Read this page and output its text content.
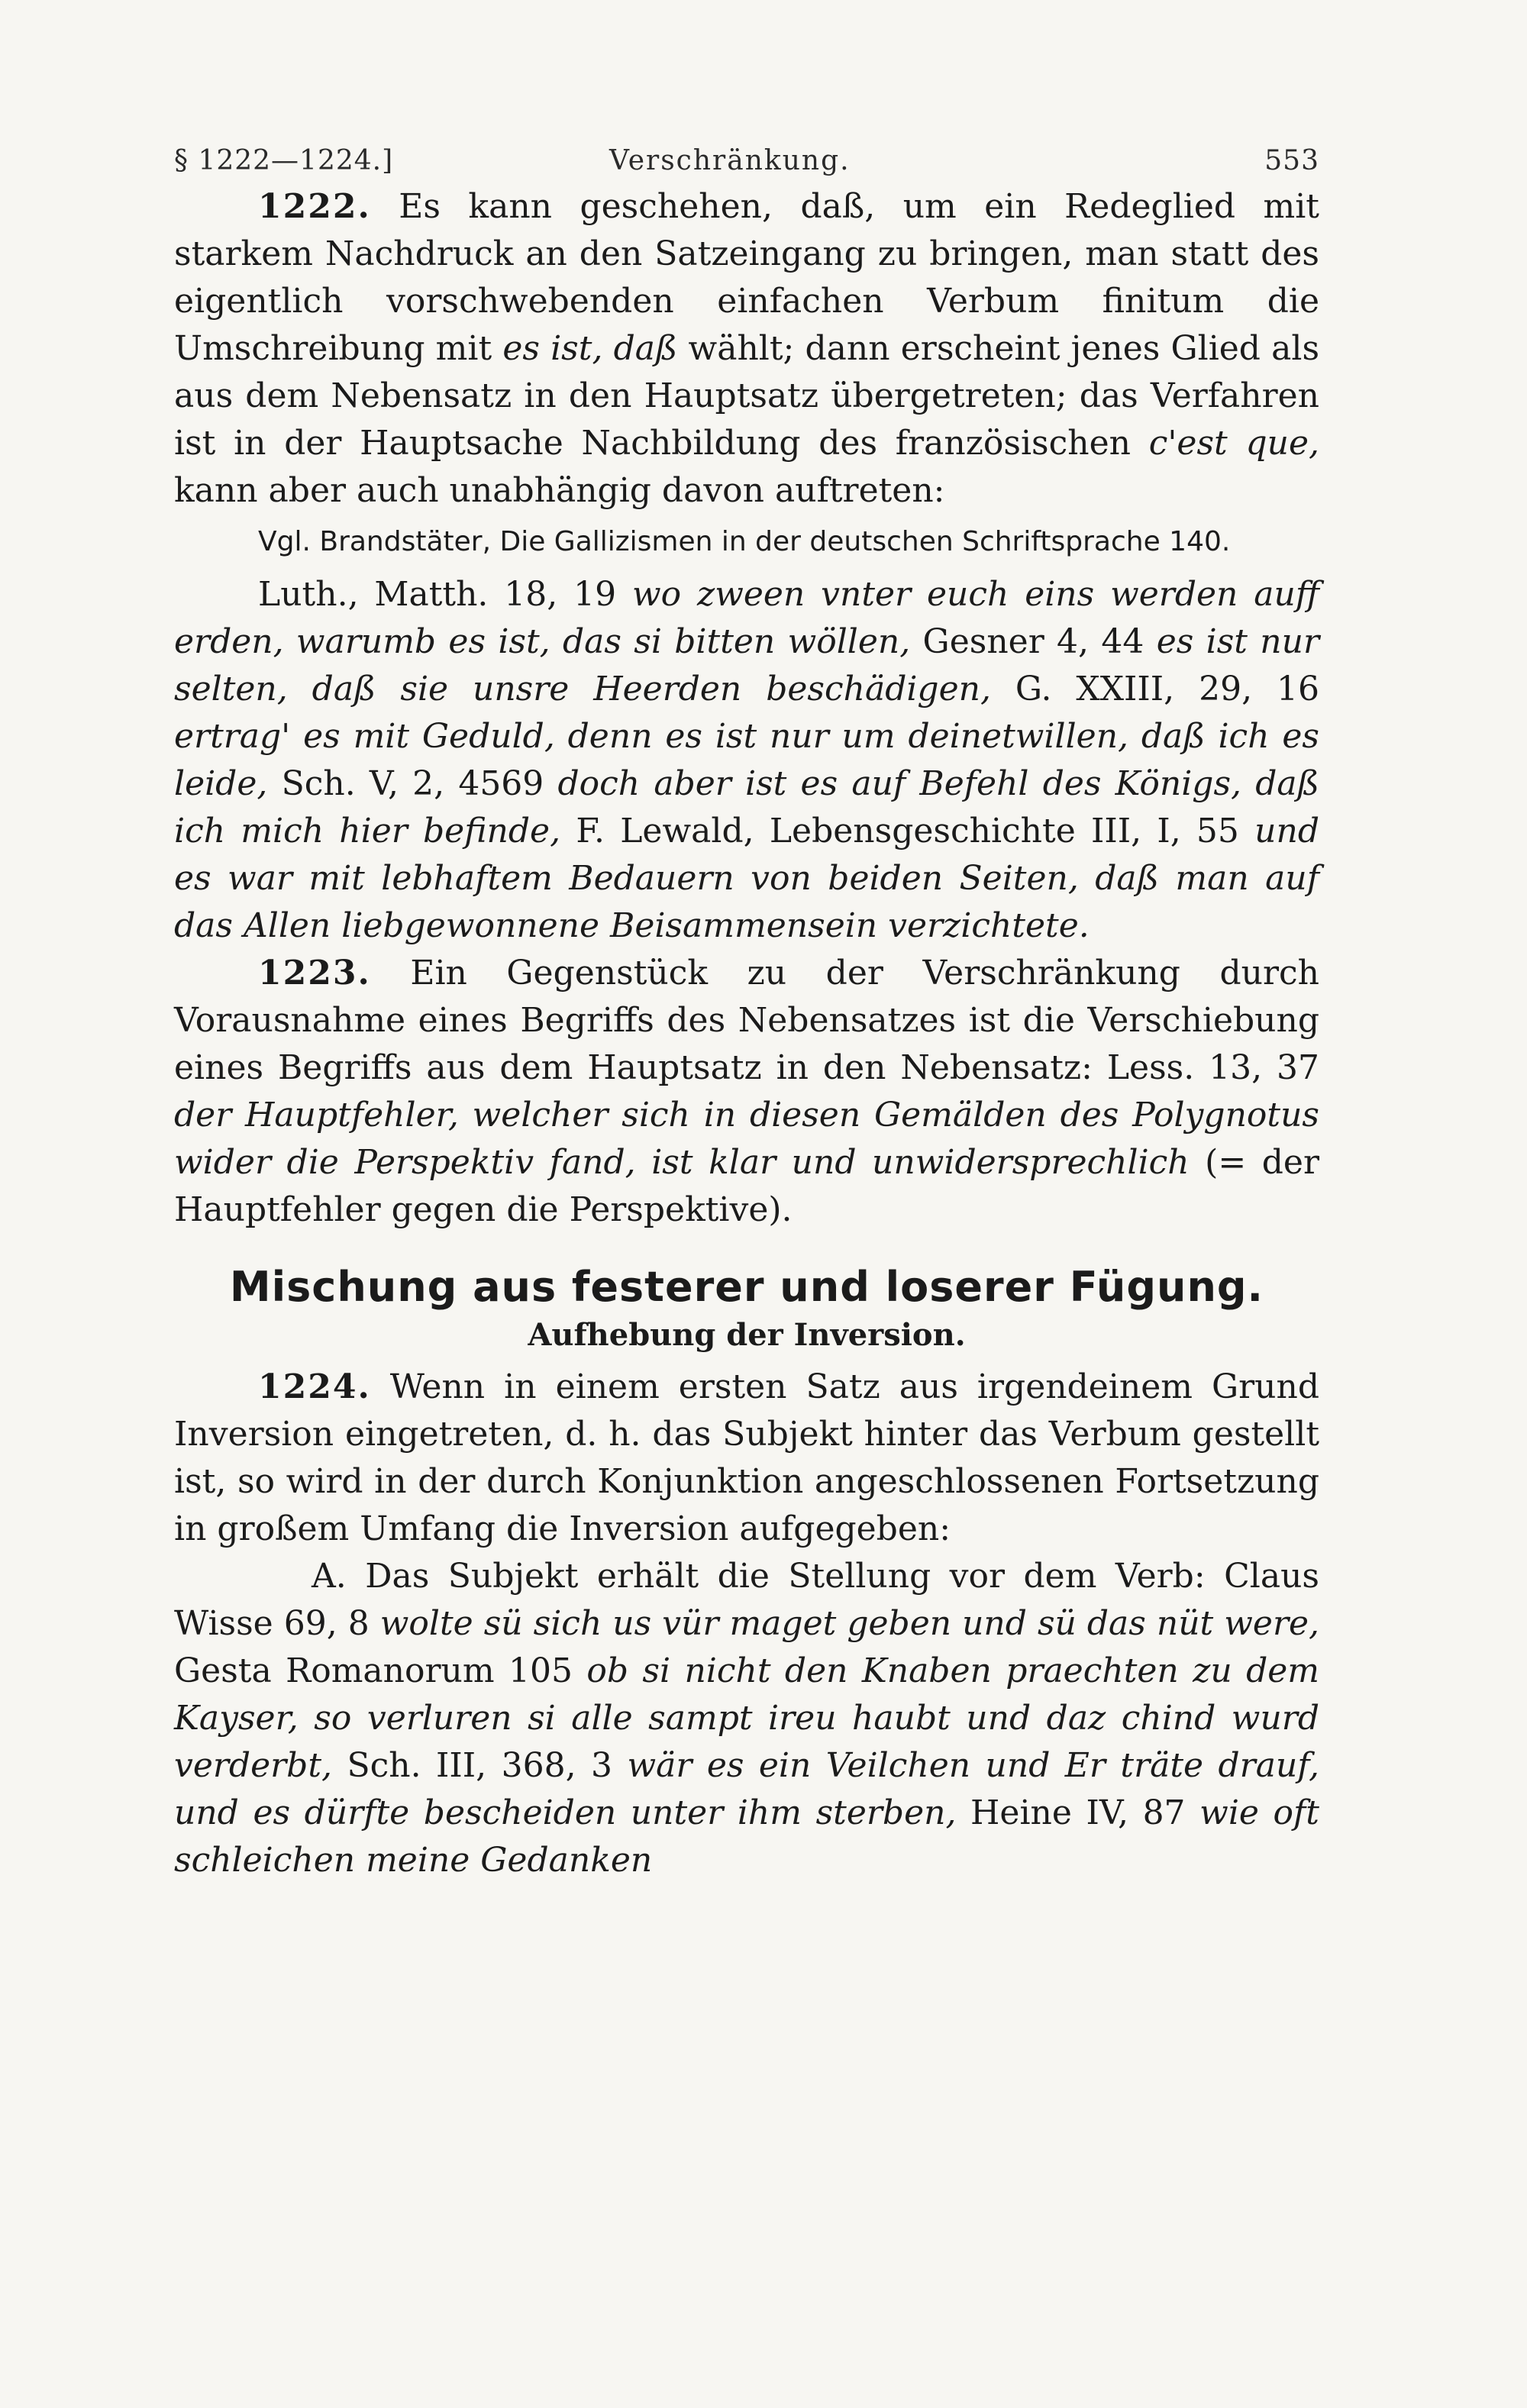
§ 1222—1224.]	Verschränkung.	553

1222. Es kann geschehen, daß, um ein Redeglied mit starkem Nachdruck an den Satzeingang zu bringen, man statt des eigentlich vorschwebenden einfachen Verbum finitum die Umschreibung mit es ist, daß wählt; dann erscheint jenes Glied als aus dem Nebensatz in den Hauptsatz übergetreten; das Verfahren ist in der Hauptsache Nachbildung des französischen c'est que, kann aber auch unabhängig davon auftreten:

Vgl. Brandstäter, Die Gallizismen in der deutschen Schriftsprache 140.

Luth., Matth. 18, 19 wo zween vnter euch eins werden auff erden, warumb es ist, das si bitten wöllen, Gesner 4, 44 es ist nur selten, daß sie unsre Heerden beschädigen, G. XXIII, 29, 16 ertrag' es mit Geduld, denn es ist nur um deinetwillen, daß ich es leide, Sch. V, 2, 4569 doch aber ist es auf Befehl des Königs, daß ich mich hier befinde, F. Lewald, Lebensgeschichte III, I, 55 und es war mit lebhaftem Bedauern von beiden Seiten, daß man auf das Allen liebgewonnene Beisammensein verzichtete.

1223. Ein Gegenstück zu der Verschränkung durch Vorausnahme eines Begriffs des Nebensatzes ist die Verschiebung eines Begriffs aus dem Hauptsatz in den Nebensatz: Less. 13, 37 der Hauptfehler, welcher sich in diesen Gemälden des Polygnotus wider die Perspektiv fand, ist klar und unwidersprechlich (= der Hauptfehler gegen die Perspektive).

Mischung aus festerer und loserer Fügung.
Aufhebung der Inversion.

1224. Wenn in einem ersten Satz aus irgendeinem Grund Inversion eingetreten, d. h. das Subjekt hinter das Verbum gestellt ist, so wird in der durch Konjunktion angeschlossenen Fortsetzung in großem Umfang die Inversion aufgegeben:

A. Das Subjekt erhält die Stellung vor dem Verb: Claus Wisse 69, 8 wolte sü sich us vür maget geben und sü das nüt were, Gesta Romanorum 105 ob si nicht den Knaben praechten zu dem Kayser, so verluren si alle sampt ireu haubt und daz chind wurd verderbt, Sch. III, 368, 3 wär es ein Veilchen und Er träte drauf, und es dürfte bescheiden unter ihm sterben, Heine IV, 87 wie oft schleichen meine Gedanken
